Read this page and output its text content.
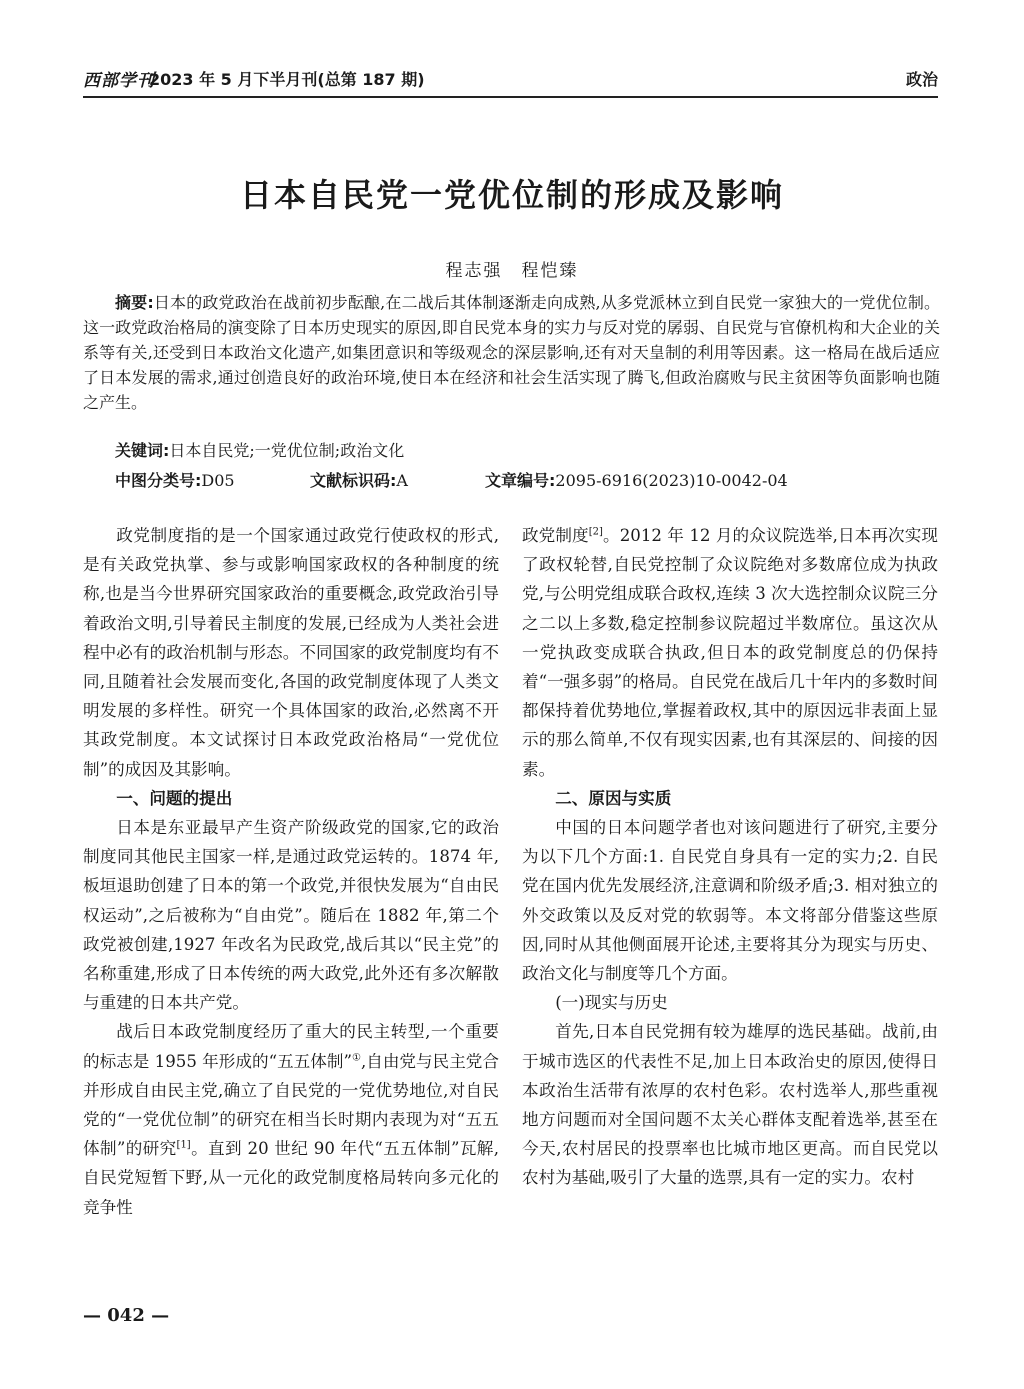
西部学刊
2023 年 5 月下半月刊(总第 187 期)	政治
日本自民党一党优位制的形成及影响
程志强　程恺臻

摘要:日本的政党政治在战前初步酝酿,在二战后其体制逐渐走向成熟,从多党派林立到自民党一家独大的一党优位制。这一政党政治格局的演变除了日本历史现实的原因,即自民党本身的实力与反对党的孱弱、自民党与官僚机构和大企业的关系等有关,还受到日本政治文化遗产,如集团意识和等级观念的深层影响,还有对天皇制的利用等因素。这一格局在战后适应了日本发展的需求,通过创造良好的政治环境,使日本在经济和社会生活实现了腾飞,但政治腐败与民主贫困等负面影响也随之产生。

关键词:日本自民党;一党优位制;政治文化
中图分类号:D05	文献标识码:A	文章编号:2095-6916(2023)10-0042-04

政党制度指的是一个国家通过政党行使政权的形式,是有关政党执掌、参与或影响国家政权的各种制度的统称,也是当今世界研究国家政治的重要概念,政党政治引导着政治文明,引导着民主制度的发展,已经成为人类社会进程中必有的政治机制与形态。不同国家的政党制度均有不同,且随着社会发展而变化,各国的政党制度体现了人类文明发展的多样性。研究一个具体国家的政治,必然离不开其政党制度。本文试探讨日本政党政治格局“一党优位制”的成因及其影响。

一、问题的提出

日本是东亚最早产生资产阶级政党的国家,它的政治制度同其他民主国家一样,是通过政党运转的。1874 年,板垣退助创建了日本的第一个政党,并很快发展为“自由民权运动”,之后被称为“自由党”。随后在 1882 年,第二个政党被创建,1927 年改名为民政党,战后其以“民主党”的名称重建,形成了日本传统的两大政党,此外还有多次解散与重建的日本共产党。

战后日本政党制度经历了重大的民主转型,一个重要的标志是 1955 年形成的“五五体制”①,自由党与民主党合并形成自由民主党,确立了自民党的一党优势地位,对自民党的“一党优位制”的研究在相当长时期内表现为对“五五体制”的研究[1]。直到 20 世纪 90 年代“五五体制”瓦解,自民党短暂下野,从一元化的政党制度格局转向多元化的竞争性

政党制度[2]。2012 年 12 月的众议院选举,日本再次实现了政权轮替,自民党控制了众议院绝对多数席位成为执政党,与公明党组成联合政权,连续 3 次大选控制众议院三分之二以上多数,稳定控制参议院超过半数席位。虽这次从一党执政变成联合执政,但日本的政党制度总的仍保持着“一强多弱”的格局。自民党在战后几十年内的多数时间都保持着优势地位,掌握着政权,其中的原因远非表面上显示的那么简单,不仅有现实因素,也有其深层的、间接的因素。

二、原因与实质

中国的日本问题学者也对该问题进行了研究,主要分为以下几个方面:1. 自民党自身具有一定的实力;2. 自民党在国内优先发展经济,注意调和阶级矛盾;3. 相对独立的外交政策以及反对党的软弱等。本文将部分借鉴这些原因,同时从其他侧面展开论述,主要将其分为现实与历史、政治文化与制度等几个方面。

(一)现实与历史

首先,日本自民党拥有较为雄厚的选民基础。战前,由于城市选区的代表性不足,加上日本政治史的原因,使得日本政治生活带有浓厚的农村色彩。农村选举人,那些重视地方问题而对全国问题不太关心群体支配着选举,甚至在今天,农村居民的投票率也比城市地区更高。而自民党以农村为基础,吸引了大量的选票,具有一定的实力。农村

— 042 —
